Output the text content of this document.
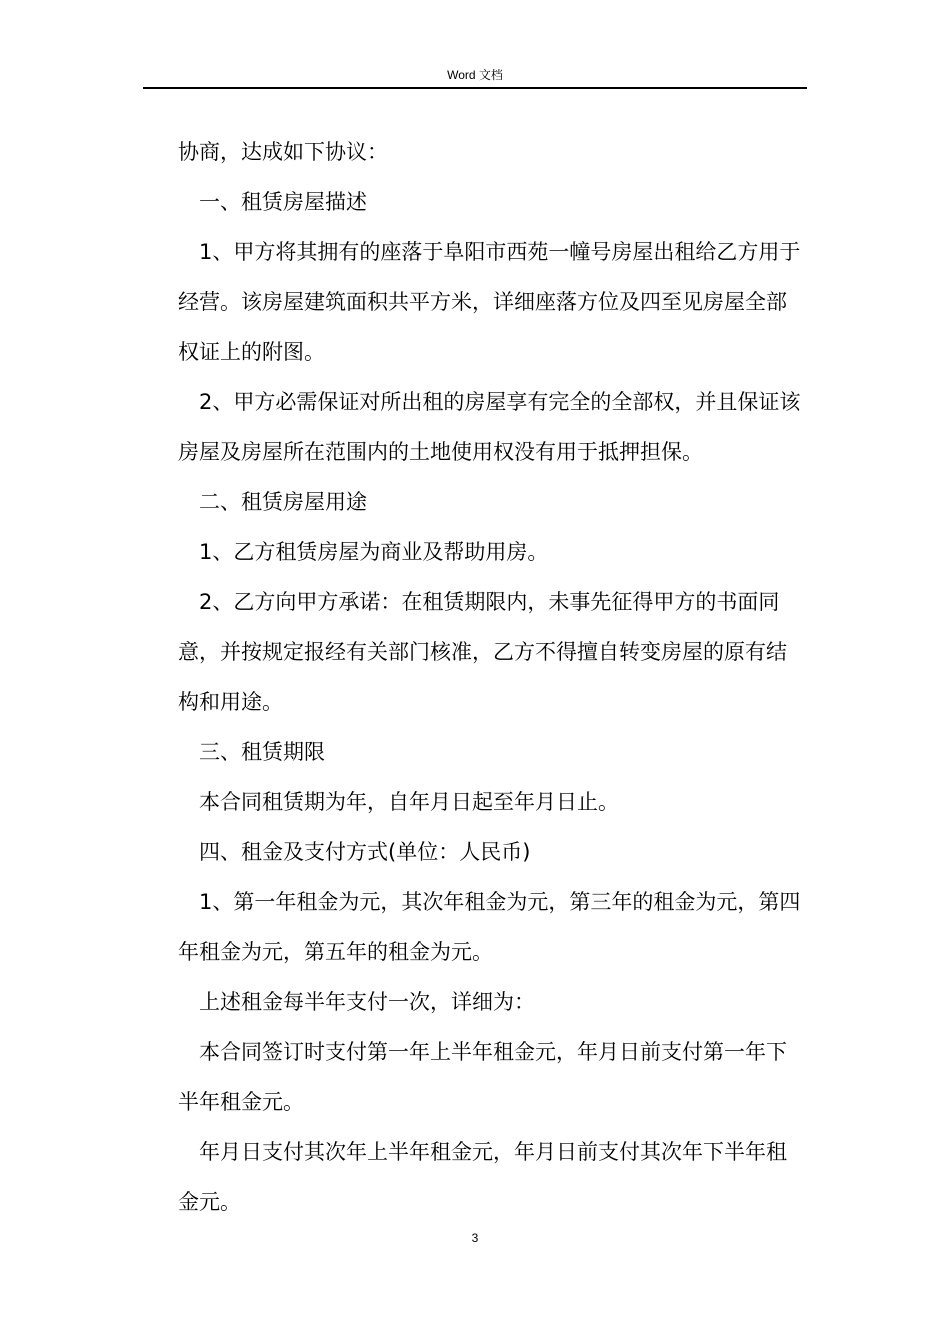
Word 文档

协商，达成如下协议：

一、租赁房屋描述

1、甲方将其拥有的座落于阜阳市西苑一幢号房屋出租给乙方用于经营。该房屋建筑面积共平方米，详细座落方位及四至见房屋全部权证上的附图。

2、甲方必需保证对所出租的房屋享有完全的全部权，并且保证该房屋及房屋所在范围内的土地使用权没有用于抵押担保。

二、租赁房屋用途

1、乙方租赁房屋为商业及帮助用房。

2、乙方向甲方承诺：在租赁期限内，未事先征得甲方的书面同意，并按规定报经有关部门核准，乙方不得擅自转变房屋的原有结构和用途。

三、租赁期限

本合同租赁期为年，自年月日起至年月日止。

四、租金及支付方式(单位：人民币)

1、第一年租金为元，其次年租金为元，第三年的租金为元，第四年租金为元，第五年的租金为元。

上述租金每半年支付一次，详细为：

本合同签订时支付第一年上半年租金元，年月日前支付第一年下半年租金元。

年月日支付其次年上半年租金元，年月日前支付其次年下半年租金元。

3
